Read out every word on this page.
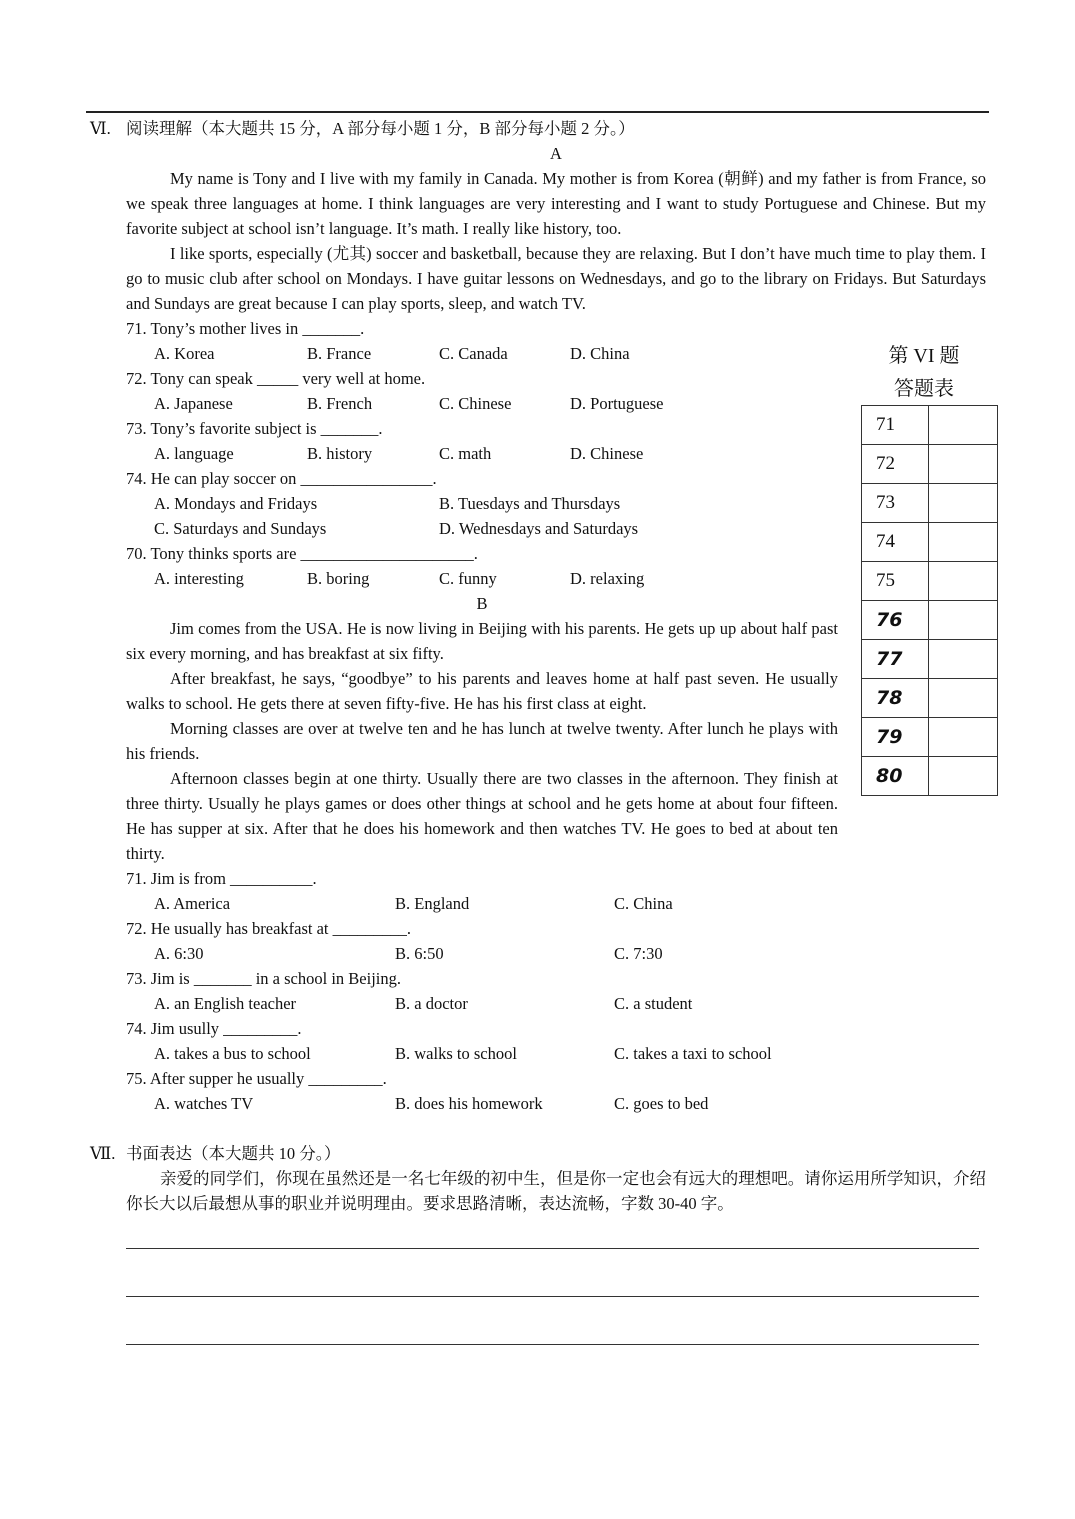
Ⅵ. 阅读理解（本大题共 15 分，A 部分每小题 1 分，B 部分每小题 2 分。）
A
My name is Tony and I live with my family in Canada. My mother is from Korea (朝鲜) and my father is from France, so we speak three languages at home. I think languages are very interesting and I want to study Portuguese and Chinese. But my favorite subject at school isn’t language. It’s math. I really like history, too.
I like sports, especially (尤其) soccer and basketball, because they are relaxing. But I don’t have much time to play them. I go to music club after school on Mondays. I have guitar lessons on Wednesdays, and go to the library on Fridays. But Saturdays and Sundays are great because I can play sports, sleep, and watch TV.
71. Tony’s mother lives in _______.
A. Korea	B. France	C. Canada	D. China
72. Tony can speak _____ very well at home.
A. Japanese	B. French	C. Chinese	D. Portuguese
73. Tony’s favorite subject is _______.
A. language	B. history	C. math	D. Chinese
74. He can play soccer on ________________.
A. Mondays and Fridays	B. Tuesdays and Thursdays
C. Saturdays and Sundays	D. Wednesdays and Saturdays
70. Tony thinks sports are _____________________.
A. interesting	B. boring	C. funny	D. relaxing
第 VI 题
答题表
71	
72	
73	
74	
75	
76	
77	
78	
79	
80	
B
Jim comes from the USA. He is now living in Beijing with his parents. He gets up up about half past six every morning, and has breakfast at six fifty.
After breakfast, he says, “goodbye” to his parents and leaves home at half past seven. He usually walks to school. He gets there at seven fifty-five. He has his first class at eight.
Morning classes are over at twelve ten and he has lunch at twelve twenty. After lunch he plays with his friends.
Afternoon classes begin at one thirty. Usually there are two classes in the afternoon. They finish at three thirty. Usually he plays games or does other things at school and he gets home at about four fifteen. He has supper at six. After that he does his homework and then watches TV. He goes to bed at about ten thirty.
71. Jim is from __________.
A. America	B. England	C. China
72. He usually has breakfast at _________.
A. 6:30	B. 6:50	C. 7:30
73. Jim is _______ in a school in Beijing.
A. an English teacher	B. a doctor	C. a student
74. Jim usully _________.
A. takes a bus to school	B. walks to school	C. takes a taxi to school
75. After supper he usually _________.
A. watches TV	B. does his homework	C. goes to bed
Ⅶ. 书面表达（本大题共 10 分。）
亲爱的同学们，你现在虽然还是一名七年级的初中生，但是你一定也会有远大的理想吧。请你运用所学知识，介绍你长大以后最想从事的职业并说明理由。要求思路清晰，表达流畅，字数 30-40 字。
